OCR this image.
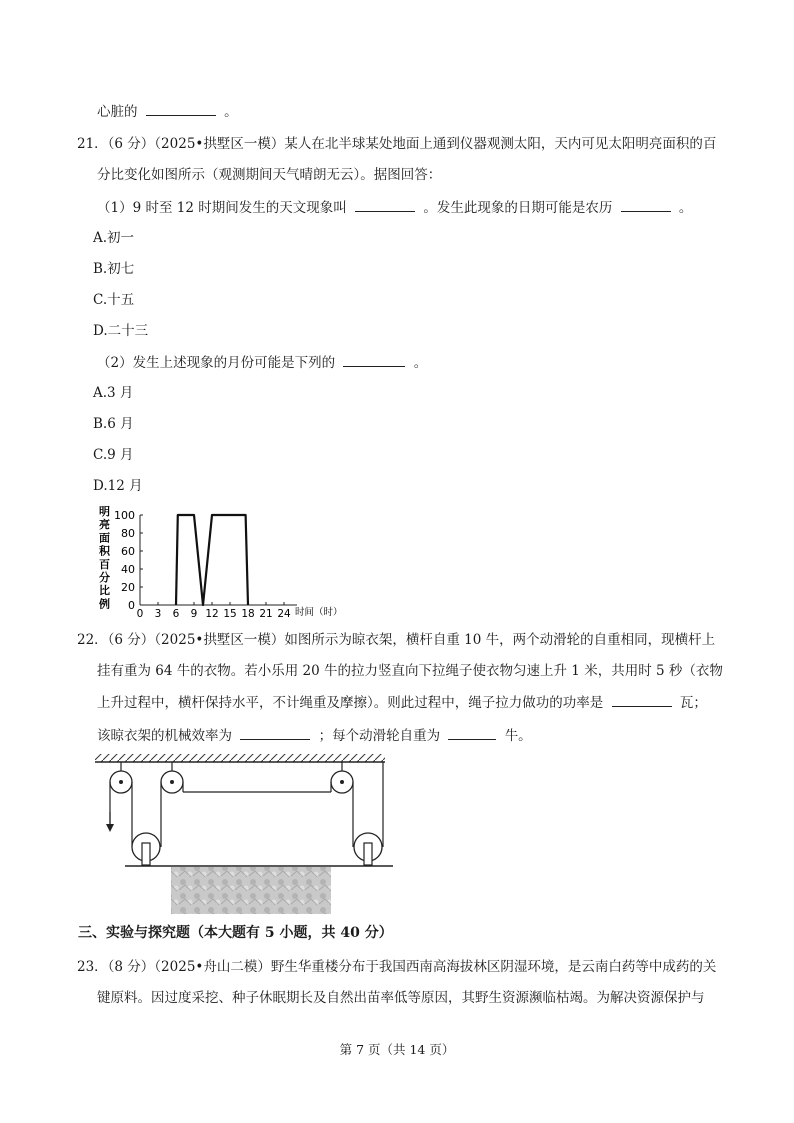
心脏的	。
21．（6 分）（2025•拱墅区一模）某人在北半球某处地面上通到仪器观测太阳，天内可见太阳明亮面积的百
分比变化如图所示（观测期间天气晴朗无云）。据图回答：
（1）9 时至 12 时期间发生的天文现象叫	。发生此现象的日期可能是农历	。
A.初一
B.初七
C.十五
D.二十三
（2）发生上述现象的月份可能是下列的	。
A.3 月
B.6 月
C.9 月
D.12 月
明
亮
面
积
百
分
比
例
100
80
60
40
20
0
0 3 6 9 12 15 18 21 24 时间（时）
22．（6 分）（2025•拱墅区一模）如图所示为晾衣架，横杆自重 10 牛，两个动滑轮的自重相同，现横杆上
挂有重为 64 牛的衣物。若小乐用 20 牛的拉力竖直向下拉绳子使衣物匀速上升 1 米，共用时 5 秒（衣物
上升过程中，横杆保持水平，不计绳重及摩擦）。则此过程中，绳子拉力做功的功率是	瓦；
该晾衣架的机械效率为	；每个动滑轮自重为	牛。
三、实验与探究题（本大题有 5 小题，共 40 分）
23．（8 分）（2025•舟山二模）野生华重楼分布于我国西南高海拔林区阴湿环境，是云南白药等中成药的关
键原料。因过度采挖、种子休眠期长及自然出苗率低等原因，其野生资源濒临枯竭。为解决资源保护与
第 7 页（共 14 页）
